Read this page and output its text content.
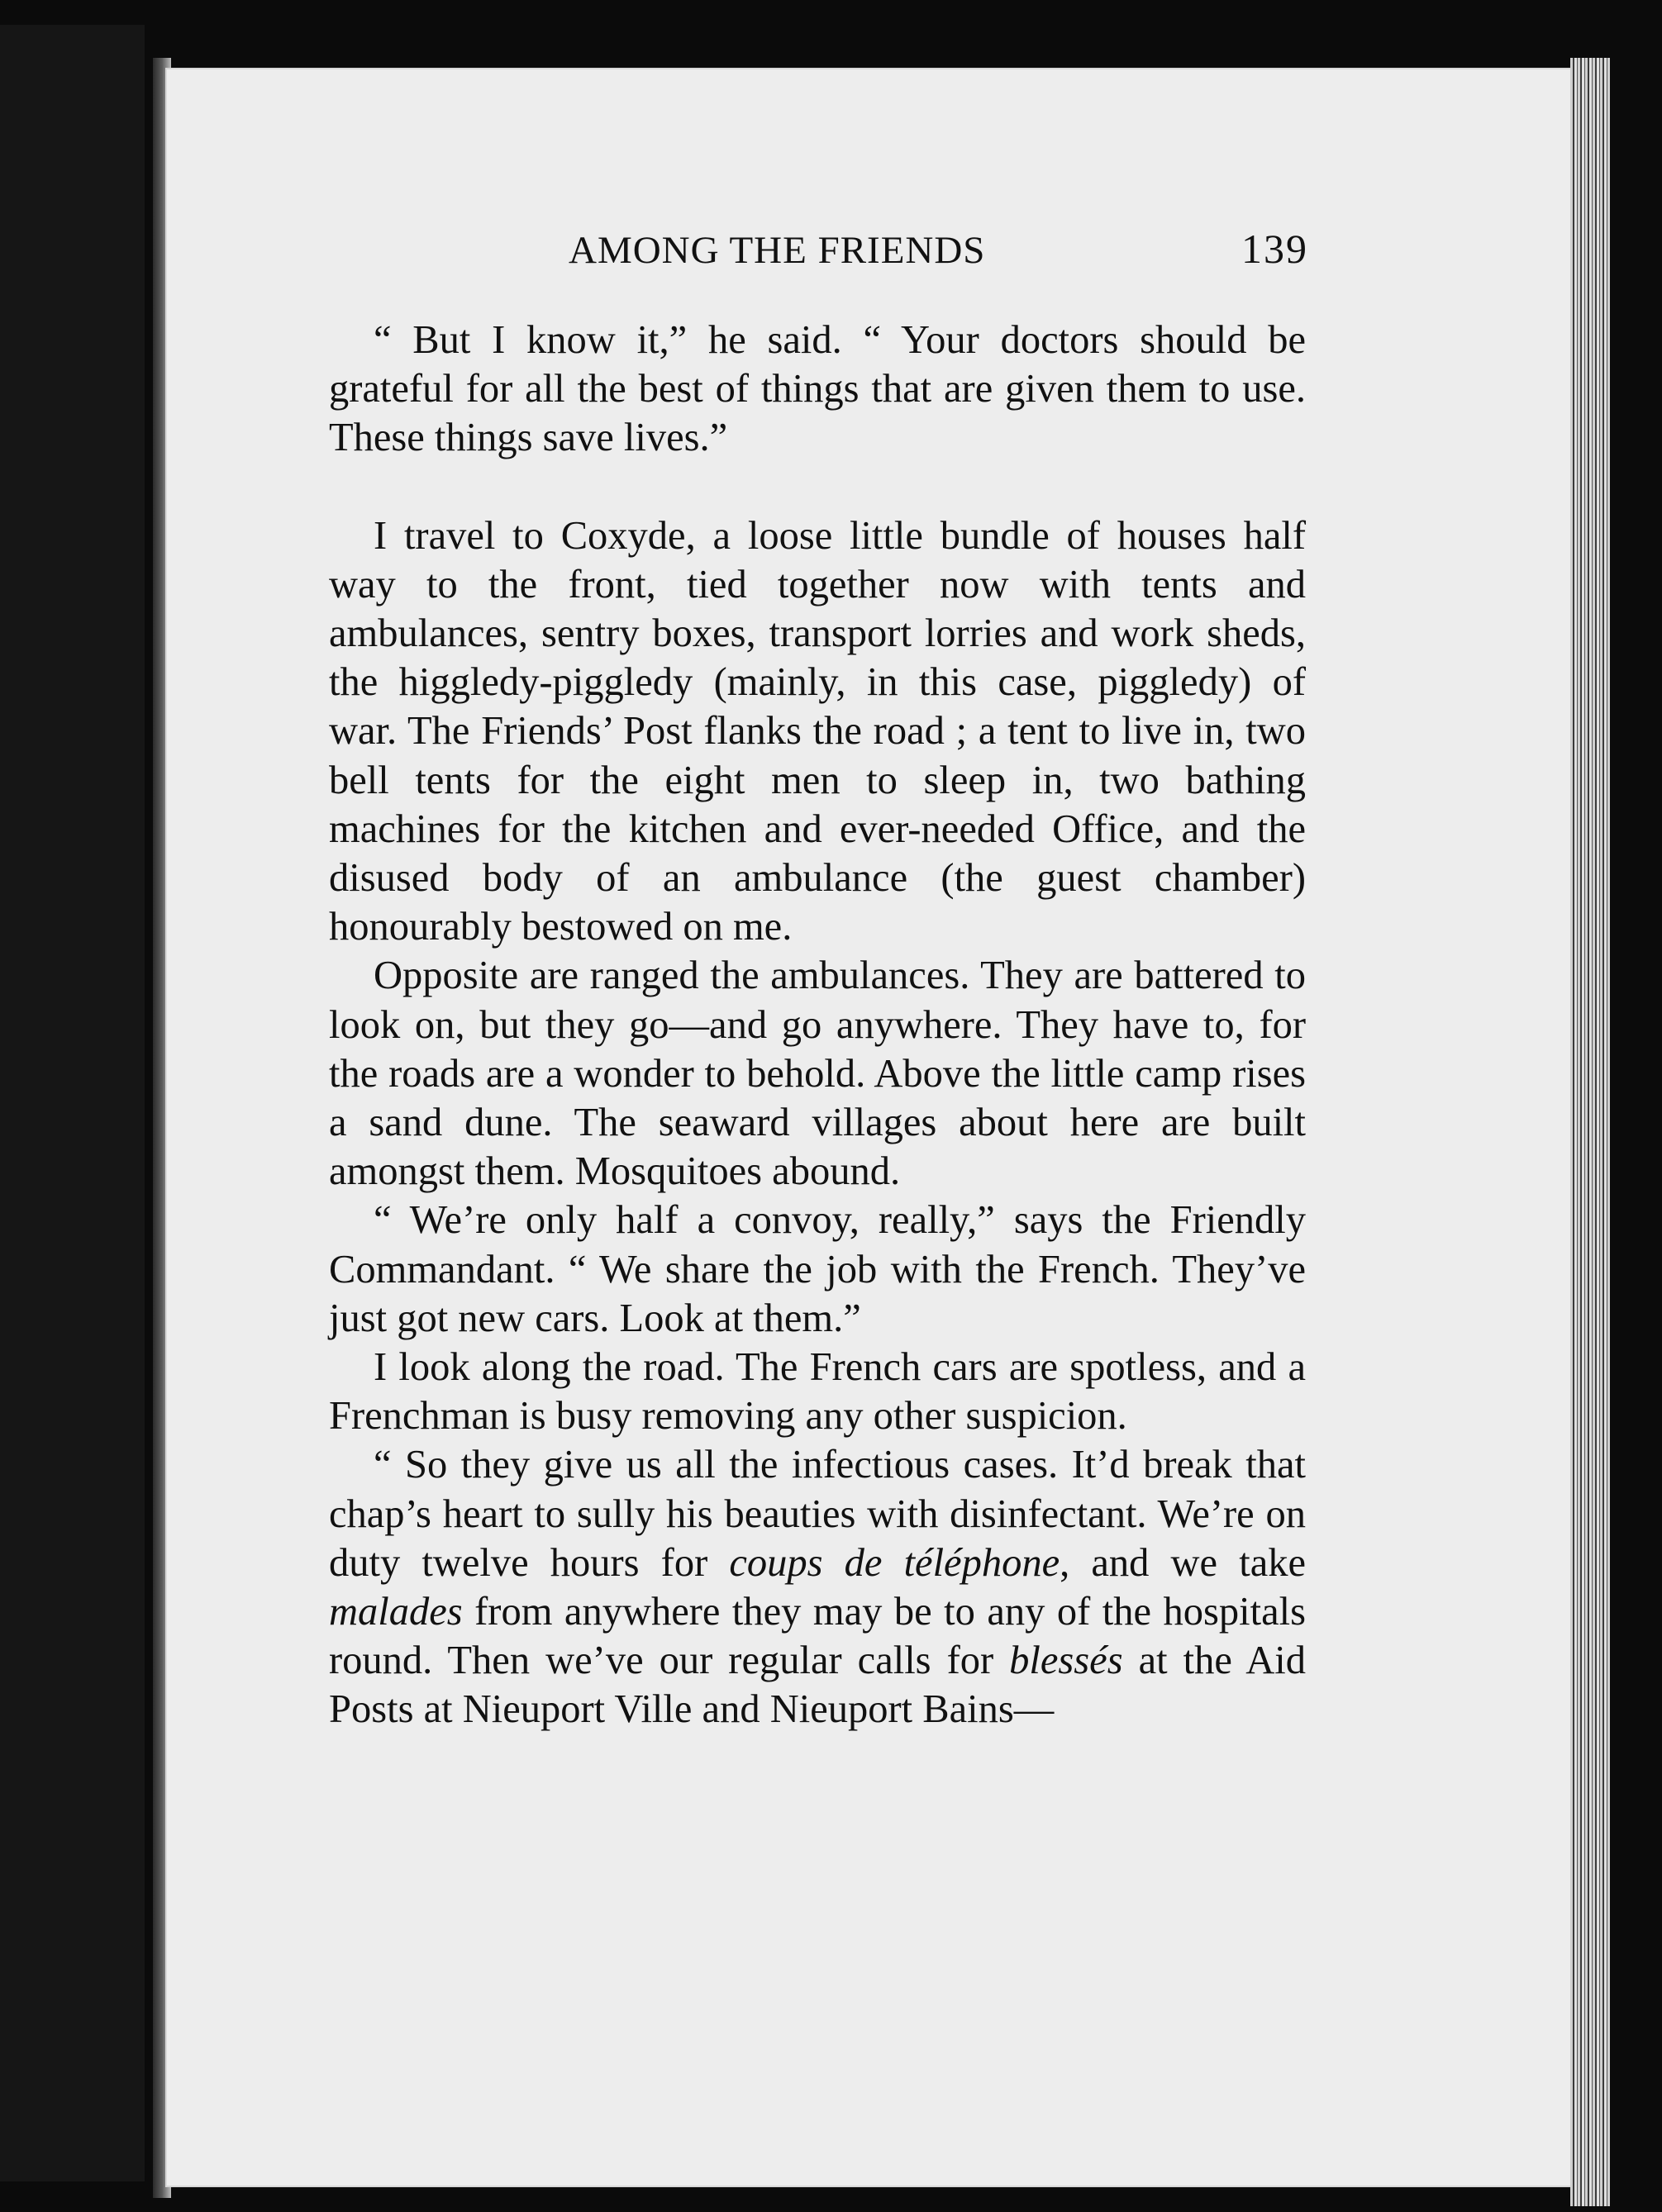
AMONG THE FRIENDS	139

“ But I know it,” he said. “ Your doctors should be grateful for all the best of things that are given them to use. These things save lives.”

I travel to Coxyde, a loose little bundle of houses half way to the front, tied together now with tents and ambulances, sentry boxes, transport lorries and work sheds, the higgledy-piggledy (mainly, in this case, piggledy) of war. The Friends’ Post flanks the road ; a tent to live in, two bell tents for the eight men to sleep in, two bathing machines for the kitchen and ever-needed Office, and the disused body of an ambulance (the guest chamber) honourably bestowed on me.

Opposite are ranged the ambulances. They are battered to look on, but they go—and go anywhere. They have to, for the roads are a wonder to behold. Above the little camp rises a sand dune. The seaward villages about here are built amongst them. Mosquitoes abound.

“ We’re only half a convoy, really,” says the Friendly Commandant. “ We share the job with the French. They’ve just got new cars. Look at them.”

I look along the road. The French cars are spotless, and a Frenchman is busy removing any other suspicion.

“ So they give us all the infectious cases. It’d break that chap’s heart to sully his beauties with disinfectant. We’re on duty twelve hours for coups de téléphone, and we take malades from anywhere they may be to any of the hospitals round. Then we’ve our regular calls for blessés at the Aid Posts at Nieuport Ville and Nieuport Bains—
